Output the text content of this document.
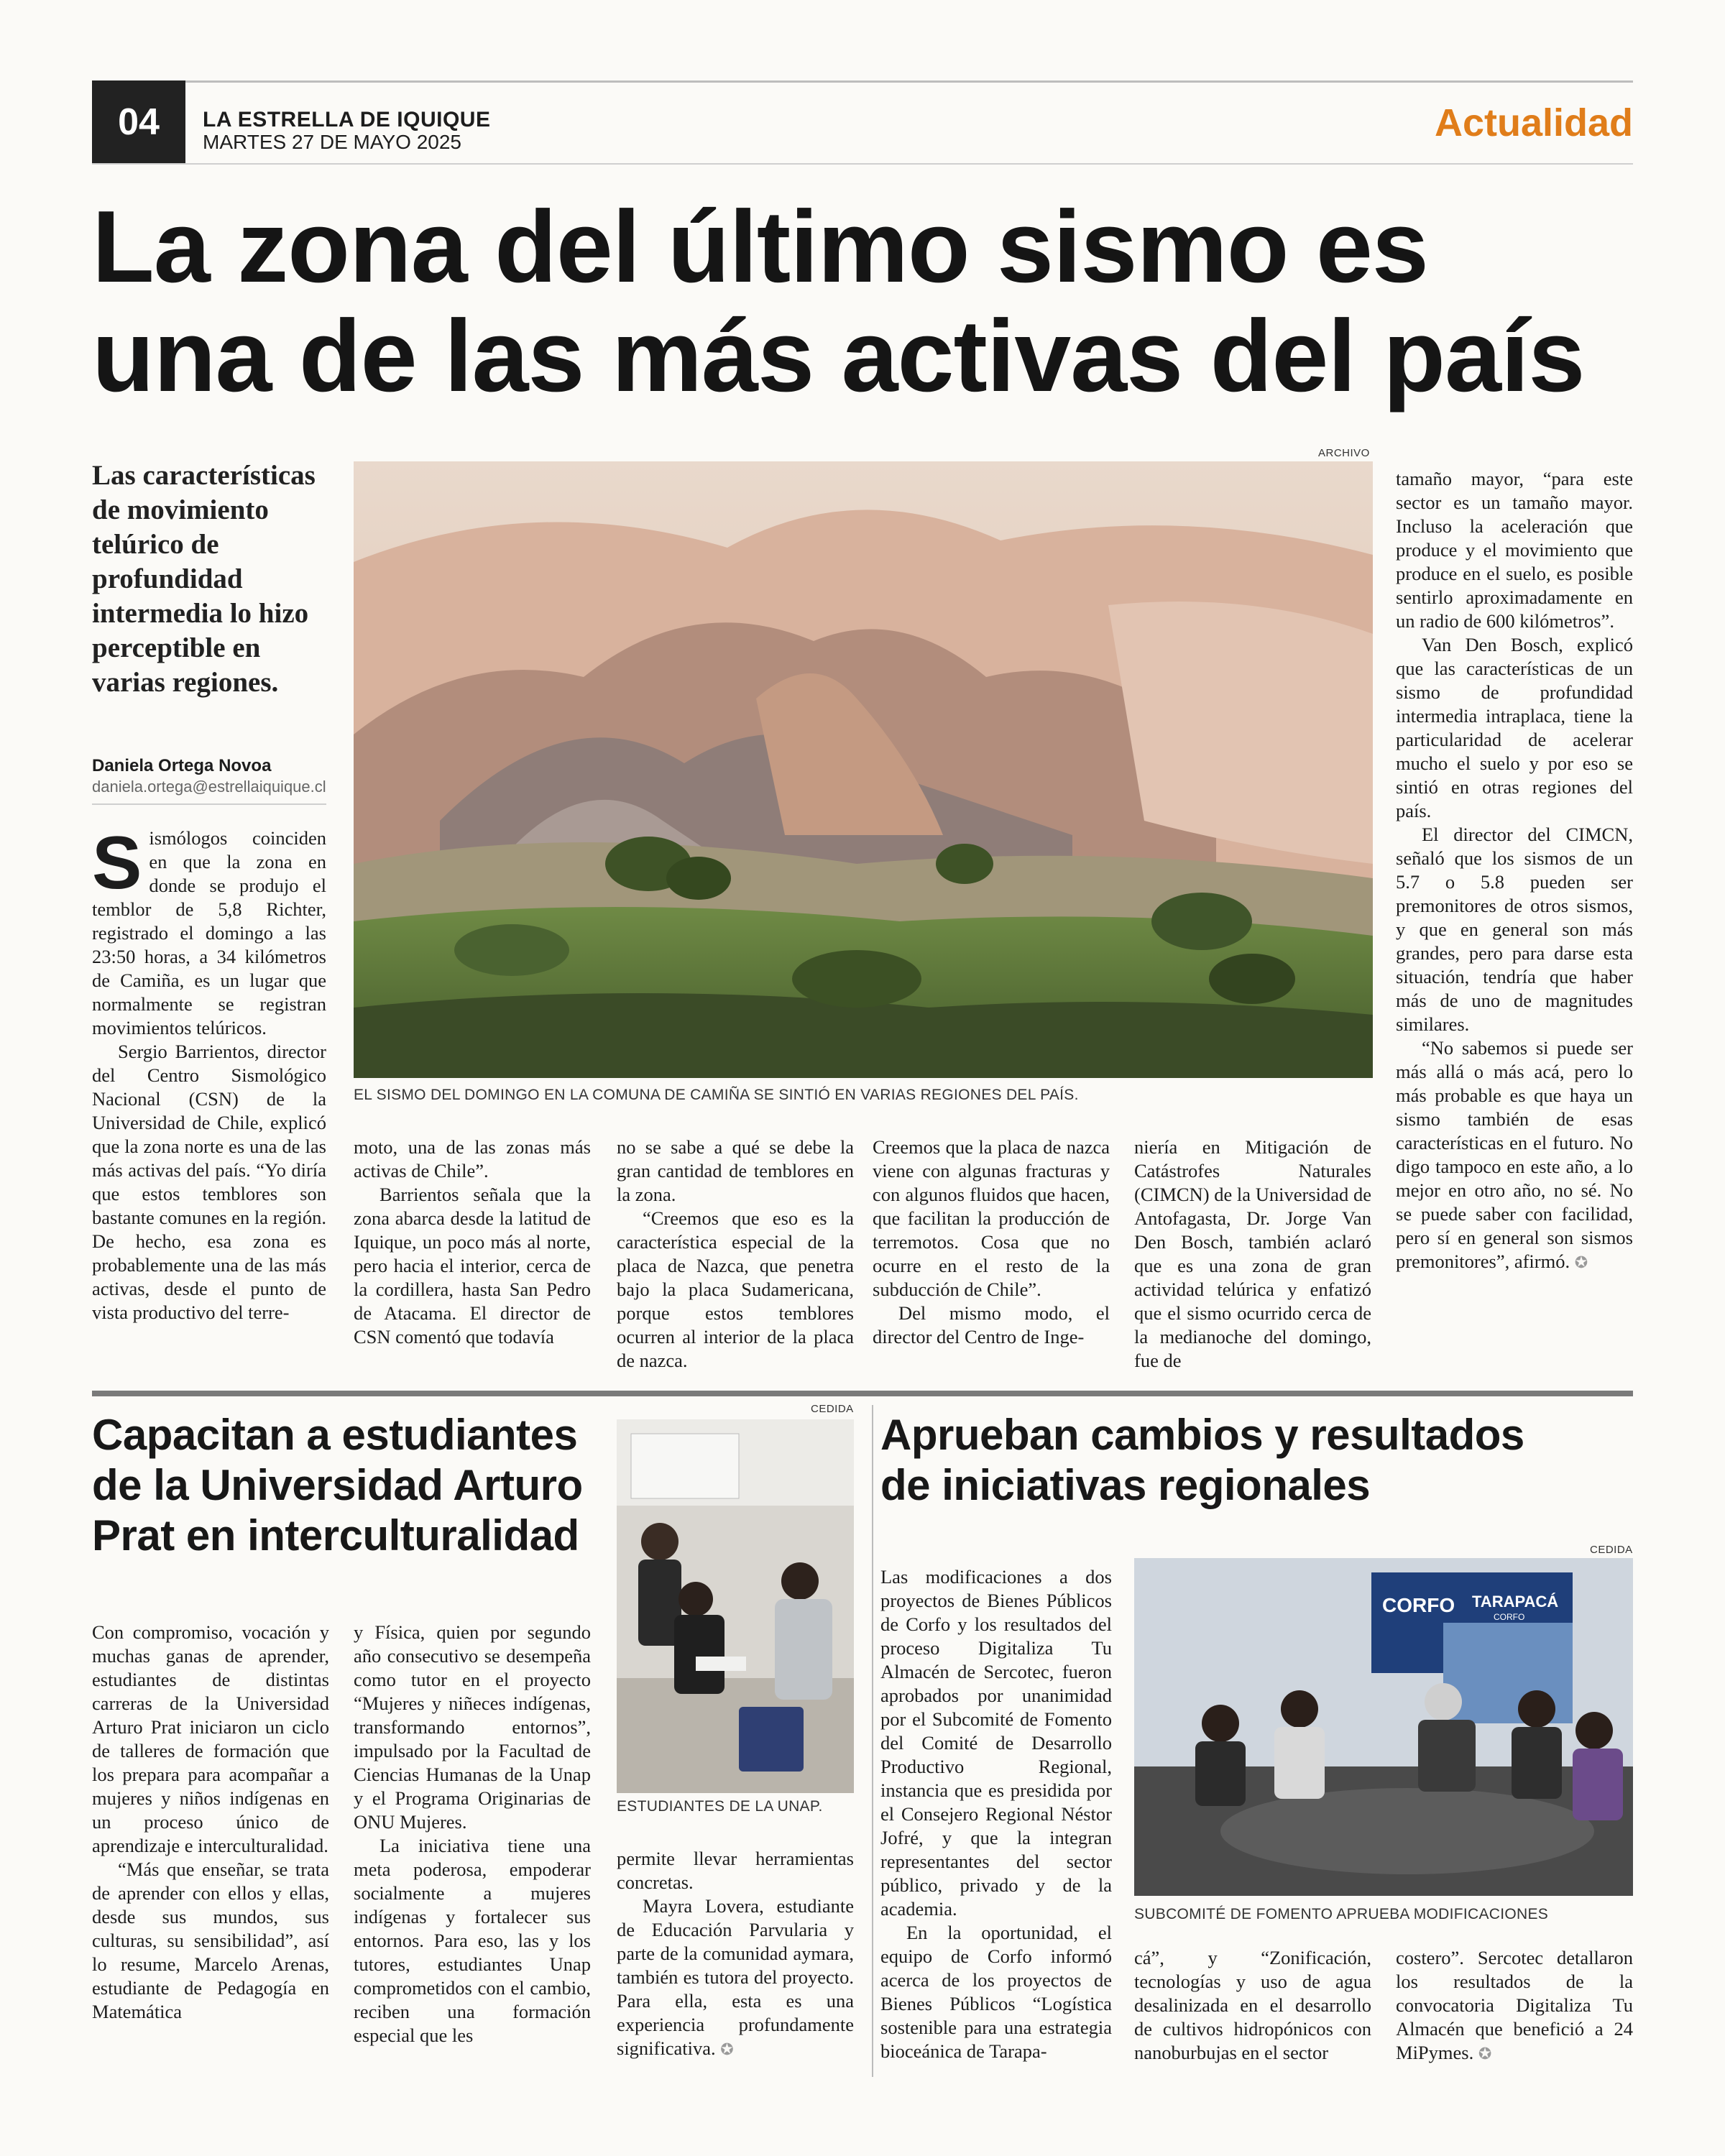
04	LA ESTRELLA DE IQUIQUE
MARTES 27 DE MAYO 2025	Actualidad
La zona del último sismo es
una de las más activas del país
Las características de movimiento telúrico de profundidad intermedia lo hizo perceptible en varias regiones.
Daniela Ortega Novoa
daniela.ortega@estrellaiquique.cl
ARCHIVO
EL SISMO DEL DOMINGO EN LA COMUNA DE CAMIÑA SE SINTIÓ EN VARIAS REGIONES DEL PAÍS.

Sismólogos coinciden en que la zona en donde se produjo el temblor de 5,8 Richter, registrado el domingo a las 23:50 horas, a 34 kilómetros de Camiña, es un lugar que normalmente se registran movimientos telúricos.

Sergio Barrientos, director del Centro Sismológico Nacional (CSN) de la Universidad de Chile, explicó que la zona norte es una de las más activas del país. “Yo diría que estos temblores son bastante comunes en la región. De hecho, esa zona es probablemente una de las más activas, desde el punto de vista productivo del terre-

moto, una de las zonas más activas de Chile”.

Barrientos señala que la zona abarca desde la latitud de Iquique, un poco más al norte, pero hacia el interior, cerca de la cordillera, hasta San Pedro de Atacama. El director de CSN comentó que todavía

no se sabe a qué se debe la gran cantidad de temblores en la zona.

“Creemos que eso es la característica especial de la placa de Nazca, que penetra bajo la placa Sudamericana, porque estos temblores ocurren al interior de la placa de nazca.

Creemos que la placa de nazca viene con algunas fracturas y con algunos fluidos que hacen, que facilitan la producción de terremotos. Cosa que no ocurre en el resto de la subducción de Chile”.

Del mismo modo, el director del Centro de Inge-

niería en Mitigación de Catástrofes Naturales (CIMCN) de la Universidad de Antofagasta, Dr. Jorge Van Den Bosch, también aclaró que es una zona de gran actividad telúrica y enfatizó que el sismo ocurrido cerca de la medianoche del domingo, fue de

tamaño mayor, “para este sector es un tamaño mayor. Incluso la aceleración que produce y el movimiento que produce en el suelo, es posible sentirlo aproximadamente en un radio de 600 kilómetros”.

Van Den Bosch, explicó que las características de un sismo de profundidad intermedia intraplaca, tiene la particularidad de acelerar mucho el suelo y por eso se sintió en otras regiones del país.

El director del CIMCN, señaló que los sismos de un 5.7 o 5.8 pueden ser premonitores de otros sismos, y que en general son más grandes, pero para darse esta situación, tendría que haber más de uno de magnitudes similares.

“No sabemos si puede ser más allá o más acá, pero lo más probable es que haya un sismo también de esas características en el futuro. No digo tampoco en este año, a lo mejor en otro año, no sé. No se puede saber con facilidad, pero sí en general son sismos premonitores”, afirmó. ✪

Capacitan a estudiantes
de la Universidad Arturo
Prat en interculturalidad
CEDIDA
ESTUDIANTES DE LA UNAP.

Con compromiso, vocación y muchas ganas de aprender, estudiantes de distintas carreras de la Universidad Arturo Prat iniciaron un ciclo de talleres de formación que los prepara para acompañar a mujeres y niños indígenas en un proceso único de aprendizaje e interculturalidad.

“Más que enseñar, se trata de aprender con ellos y ellas, desde sus mundos, sus culturas, su sensibilidad”, así lo resume, Marcelo Arenas, estudiante de Pedagogía en Matemática

y Física, quien por segundo año consecutivo se desempeña como tutor en el proyecto “Mujeres y niñeces indígenas, transformando entornos”, impulsado por la Facultad de Ciencias Humanas de la Unap y el Programa Originarias de ONU Mujeres.

La iniciativa tiene una meta poderosa, empoderar socialmente a mujeres indígenas y fortalecer sus entornos. Para eso, las y los tutores, estudiantes Unap comprometidos con el cambio, reciben una formación especial que les

permite llevar herramientas concretas.

Mayra Lovera, estudiante de Educación Parvularia y parte de la comunidad aymara, también es tutora del proyecto. Para ella, esta es una experiencia profundamente significativa. ✪

Aprueban cambios y resultados
de iniciativas regionales
CEDIDA
CORFO TARAPACÁ
CORFO
SUBCOMITÉ DE FOMENTO APRUEBA MODIFICACIONES

Las modificaciones a dos proyectos de Bienes Públicos de Corfo y los resultados del proceso Digitaliza Tu Almacén de Sercotec, fueron aprobados por unanimidad por el Subcomité de Fomento del Comité de Desarrollo Productivo Regional, instancia que es presidida por el Consejero Regional Néstor Jofré, y que la integran representantes del sector público, privado y de la academia.

En la oportunidad, el equipo de Corfo informó acerca de los proyectos de Bienes Públicos “Logística sostenible para una estrategia bioceánica de Tarapa-

cá”, y “Zonificación, tecnologías y uso de agua desalinizada en el desarrollo de cultivos hidropónicos con nanoburbujas en el sector

costero”. Sercotec detallaron los resultados de la convocatoria Digitaliza Tu Almacén que benefició a 24 MiPymes. ✪
